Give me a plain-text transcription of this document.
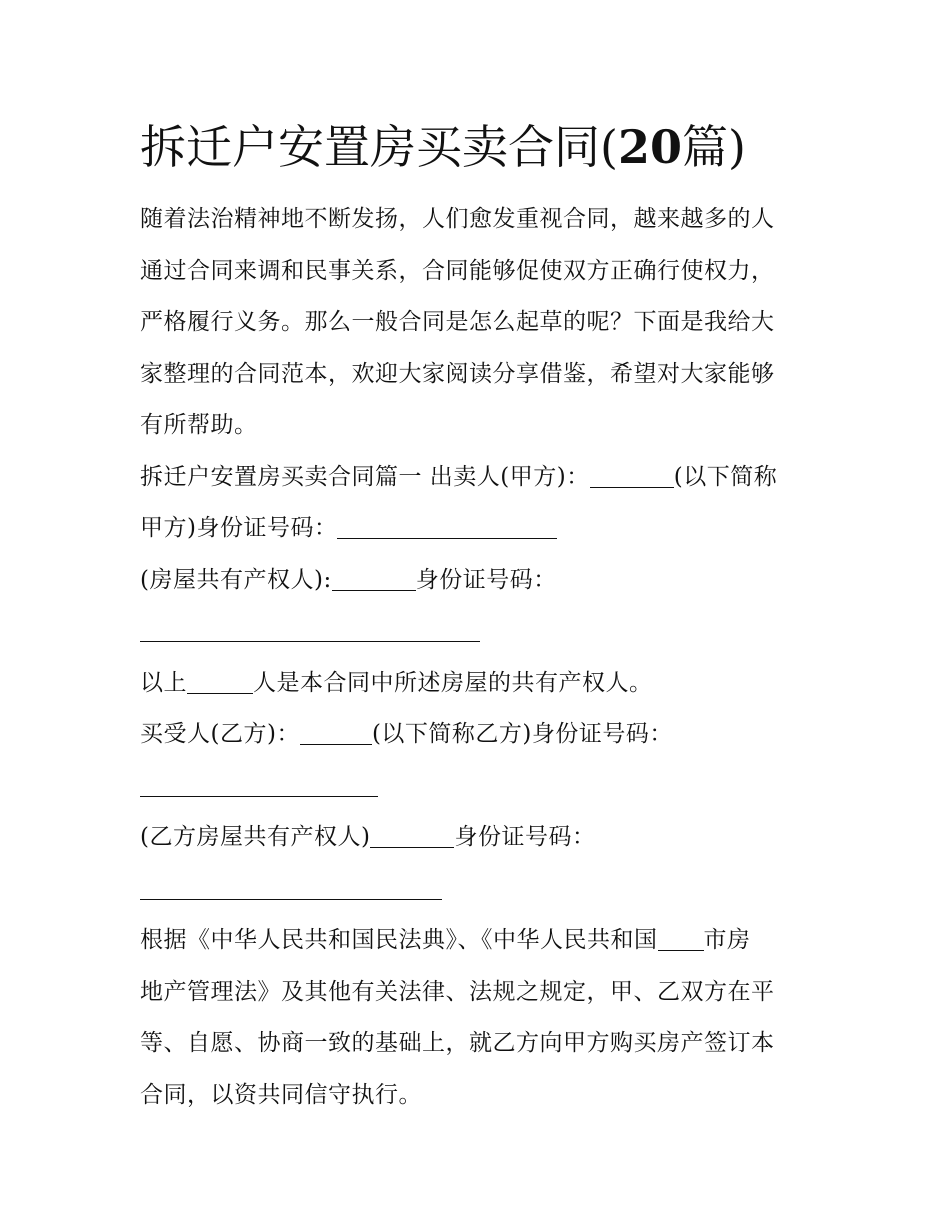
拆迁户安置房买卖合同(20篇)
随着法治精神地不断发扬，人们愈发重视合同，越来越多的人
通过合同来调和民事关系，合同能够促使双方正确行使权力，
严格履行义务。那么一般合同是怎么起草的呢？下面是我给大
家整理的合同范本，欢迎大家阅读分享借鉴，希望对大家能够
有所帮助。
拆迁户安置房买卖合同篇一 出卖人(甲方)：	(以下简称
甲方)身份证号码：
(房屋共有产权人):	身份证号码：
以上	人是本合同中所述房屋的共有产权人。
买受人(乙方)：	(以下简称乙方)身份证号码：
(乙方房屋共有产权人)	身份证号码：
根据《中华人民共和国民法典》、《中华人民共和国 市房
地产管理法》及其他有关法律、法规之规定，甲、乙双方在平
等、自愿、协商一致的基础上，就乙方向甲方购买房产签订本
合同，以资共同信守执行。
